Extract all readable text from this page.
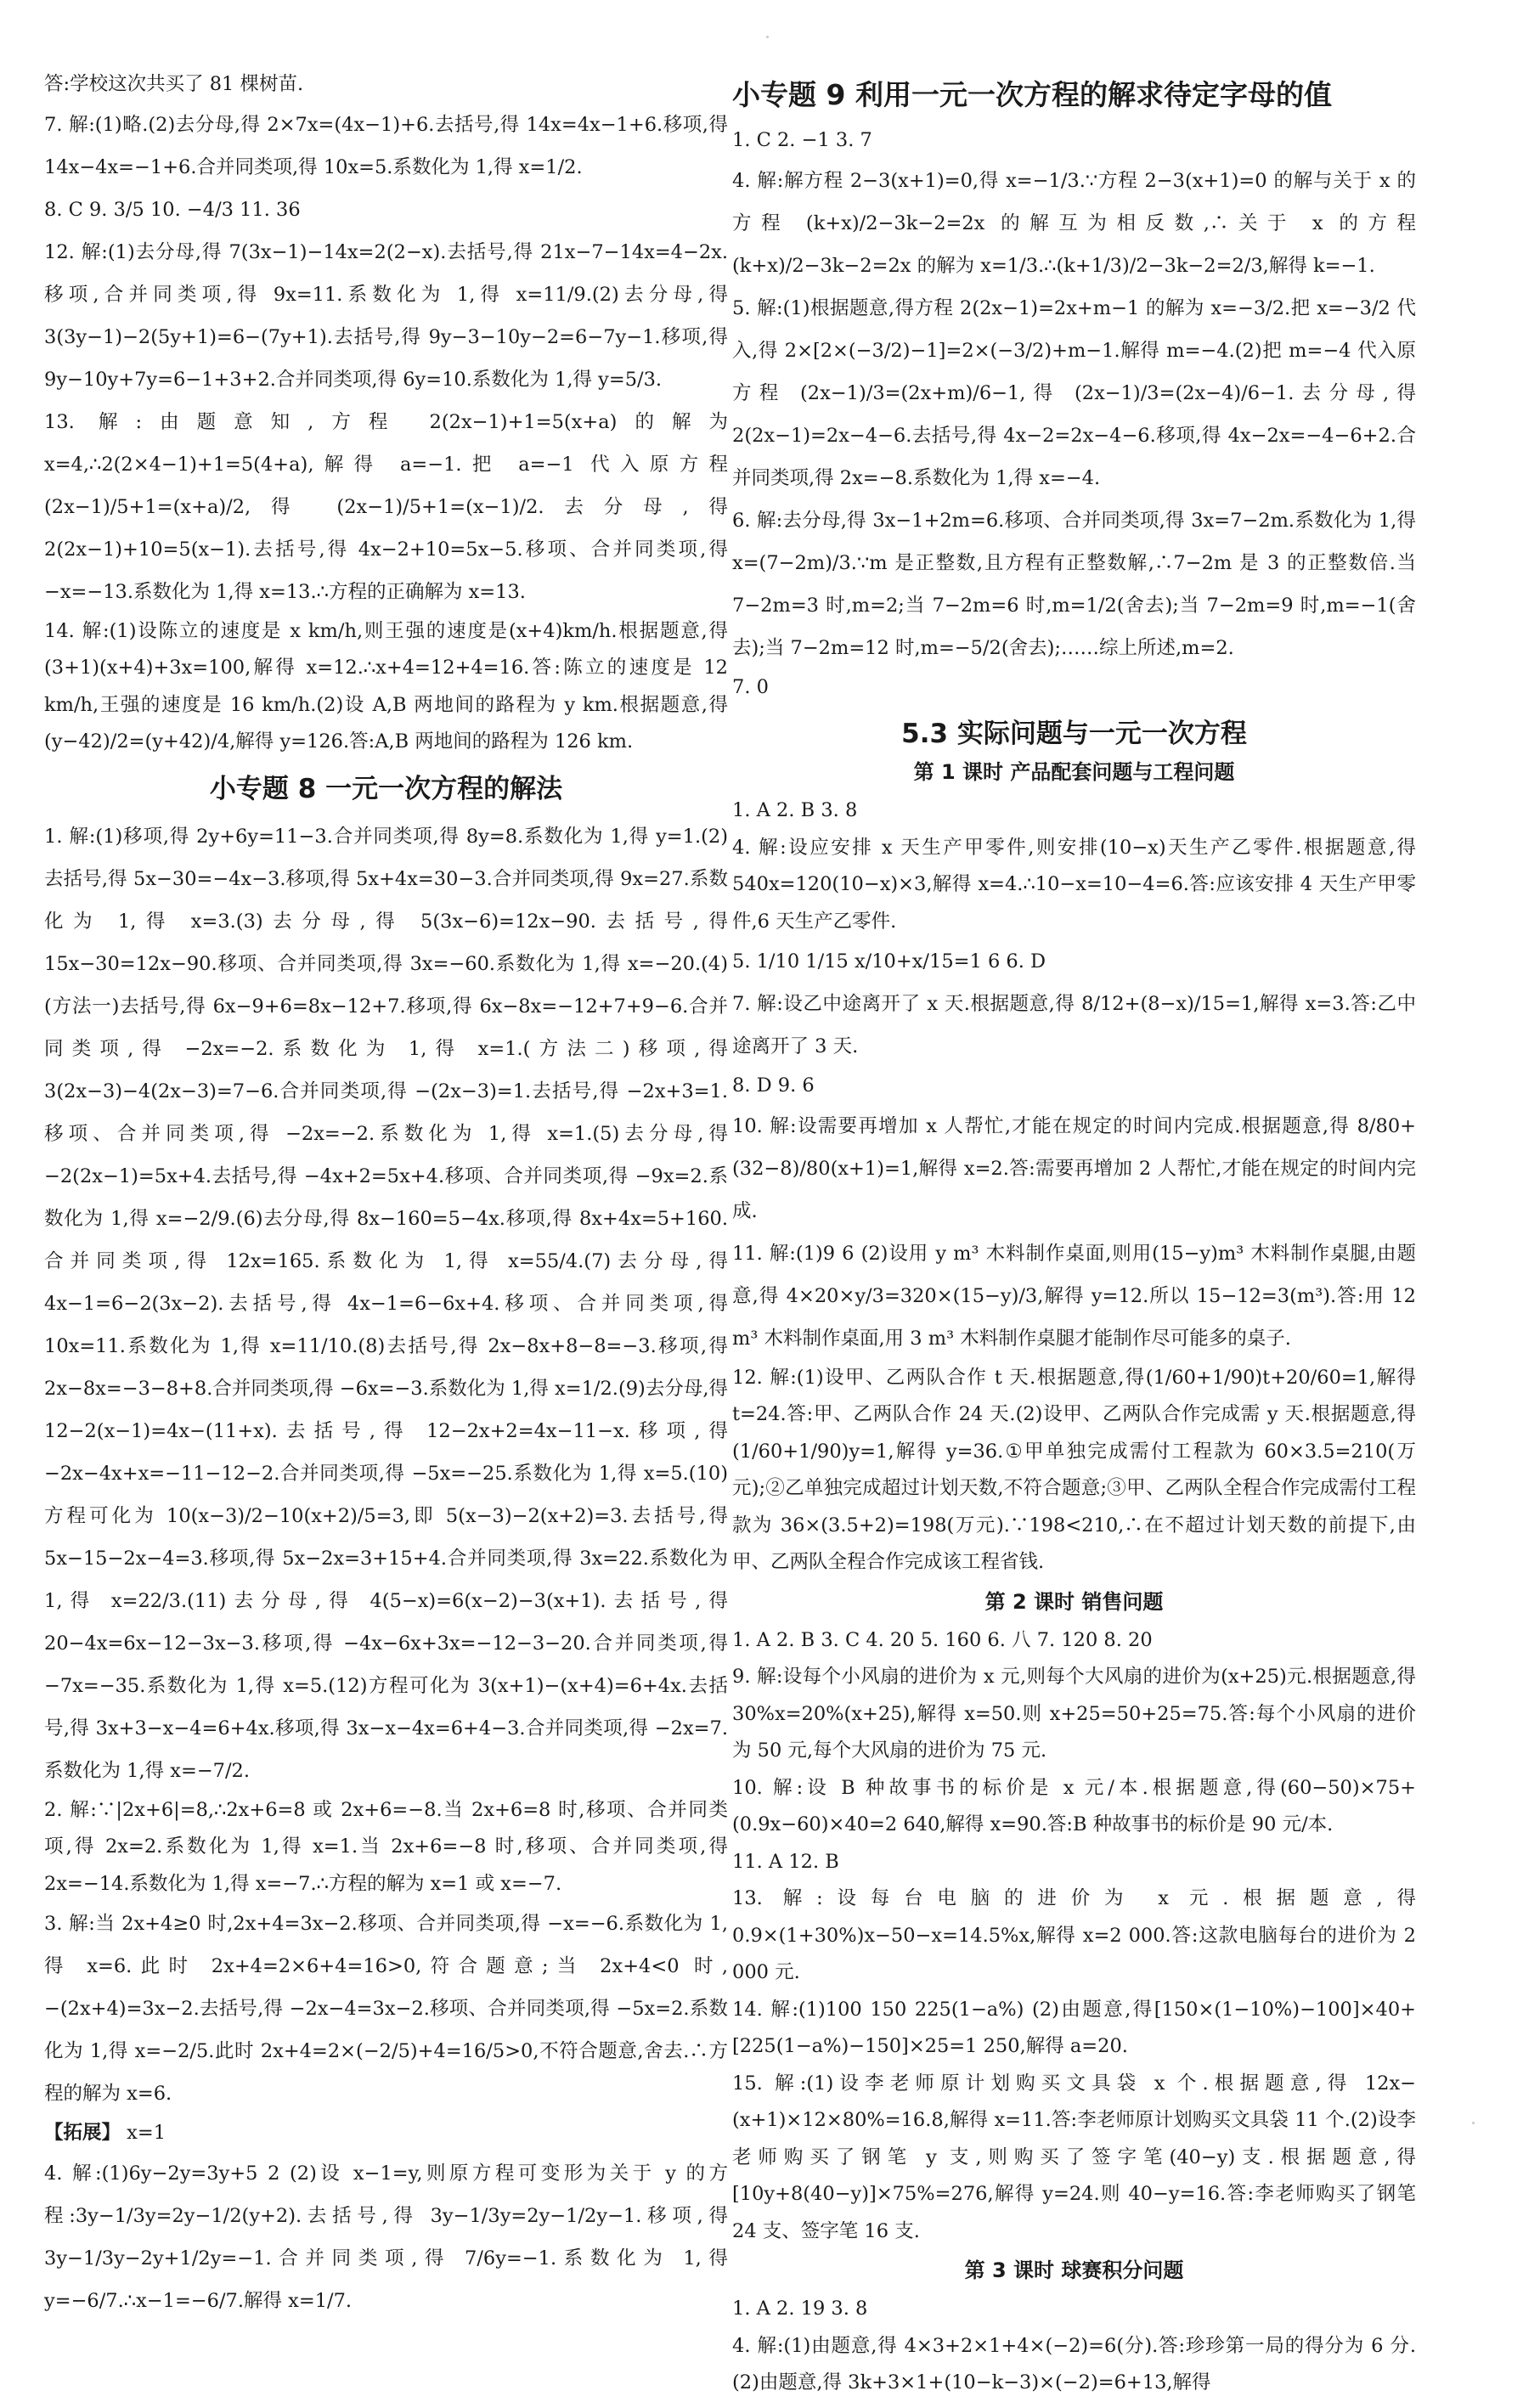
答:学校这次共买了 81 棵树苗.

7. 解:(1)略.(2)去分母,得 2×7x=(4x−1)+6.去括号,得 14x=4x−1+6.移项,得 14x−4x=−1+6.合并同类项,得 10x=5.系数化为 1,得 x=1/2.

8. C 9. 3/5 10. −4/3 11. 36

12. 解:(1)去分母,得 7(3x−1)−14x=2(2−x).去括号,得 21x−7−14x=4−2x.移项,合并同类项,得 9x=11.系数化为 1,得 x=11/9.(2)去分母,得 3(3y−1)−2(5y+1)=6−(7y+1).去括号,得 9y−3−10y−2=6−7y−1.移项,得 9y−10y+7y=6−1+3+2.合并同类项,得 6y=10.系数化为 1,得 y=5/3.

13. 解:由题意知,方程 2(2x−1)+1=5(x+a)的解为 x=4,∴2(2×4−1)+1=5(4+a),解得 a=−1.把 a=−1 代入原方程 (2x−1)/5+1=(x+a)/2,得 (2x−1)/5+1=(x−1)/2.去分母,得 2(2x−1)+10=5(x−1).去括号,得 4x−2+10=5x−5.移项、合并同类项,得 −x=−13.系数化为 1,得 x=13.∴方程的正确解为 x=13.

14. 解:(1)设陈立的速度是 x km/h,则王强的速度是(x+4)km/h.根据题意,得(3+1)(x+4)+3x=100,解得 x=12.∴x+4=12+4=16.答:陈立的速度是 12 km/h,王强的速度是 16 km/h.(2)设 A,B 两地间的路程为 y km.根据题意,得 (y−42)/2=(y+42)/4,解得 y=126.答:A,B 两地间的路程为 126 km.

小专题 8 一元一次方程的解法

1. 解:(1)移项,得 2y+6y=11−3.合并同类项,得 8y=8.系数化为 1,得 y=1.(2)去括号,得 5x−30=−4x−3.移项,得 5x+4x=30−3.合并同类项,得 9x=27.系数化为 1,得 x=3.(3)去分母,得 5(3x−6)=12x−90.去括号,得 15x−30=12x−90.移项、合并同类项,得 3x=−60.系数化为 1,得 x=−20.(4)(方法一)去括号,得 6x−9+6=8x−12+7.移项,得 6x−8x=−12+7+9−6.合并同类项,得 −2x=−2.系数化为 1,得 x=1.(方法二)移项,得 3(2x−3)−4(2x−3)=7−6.合并同类项,得 −(2x−3)=1.去括号,得 −2x+3=1.移项、合并同类项,得 −2x=−2.系数化为 1,得 x=1.(5)去分母,得 −2(2x−1)=5x+4.去括号,得 −4x+2=5x+4.移项、合并同类项,得 −9x=2.系数化为 1,得 x=−2/9.(6)去分母,得 8x−160=5−4x.移项,得 8x+4x=5+160.合并同类项,得 12x=165.系数化为 1,得 x=55/4.(7)去分母,得 4x−1=6−2(3x−2).去括号,得 4x−1=6−6x+4.移项、合并同类项,得 10x=11.系数化为 1,得 x=11/10.(8)去括号,得 2x−8x+8−8=−3.移项,得 2x−8x=−3−8+8.合并同类项,得 −6x=−3.系数化为 1,得 x=1/2.(9)去分母,得 12−2(x−1)=4x−(11+x).去括号,得 12−2x+2=4x−11−x.移项,得 −2x−4x+x=−11−12−2.合并同类项,得 −5x=−25.系数化为 1,得 x=5.(10)方程可化为 10(x−3)/2−10(x+2)/5=3,即 5(x−3)−2(x+2)=3.去括号,得 5x−15−2x−4=3.移项,得 5x−2x=3+15+4.合并同类项,得 3x=22.系数化为 1,得 x=22/3.(11)去分母,得 4(5−x)=6(x−2)−3(x+1).去括号,得 20−4x=6x−12−3x−3.移项,得 −4x−6x+3x=−12−3−20.合并同类项,得 −7x=−35.系数化为 1,得 x=5.(12)方程可化为 3(x+1)−(x+4)=6+4x.去括号,得 3x+3−x−4=6+4x.移项,得 3x−x−4x=6+4−3.合并同类项,得 −2x=7.系数化为 1,得 x=−7/2.

2. 解:∵|2x+6|=8,∴2x+6=8 或 2x+6=−8.当 2x+6=8 时,移项、合并同类项,得 2x=2.系数化为 1,得 x=1.当 2x+6=−8 时,移项、合并同类项,得 2x=−14.系数化为 1,得 x=−7.∴方程的解为 x=1 或 x=−7.

3. 解:当 2x+4≥0 时,2x+4=3x−2.移项、合并同类项,得 −x=−6.系数化为 1,得 x=6.此时 2x+4=2×6+4=16>0,符合题意;当 2x+4<0 时,−(2x+4)=3x−2.去括号,得 −2x−4=3x−2.移项、合并同类项,得 −5x=2.系数化为 1,得 x=−2/5.此时 2x+4=2×(−2/5)+4=16/5>0,不符合题意,舍去.∴方程的解为 x=6.

【拓展】 x=1

4. 解:(1)6y−2y=3y+5 2 (2)设 x−1=y,则原方程可变形为关于 y 的方程:3y−1/3y=2y−1/2(y+2).去括号,得 3y−1/3y=2y−1/2y−1.移项,得 3y−1/3y−2y+1/2y=−1.合并同类项,得 7/6y=−1.系数化为 1,得 y=−6/7.∴x−1=−6/7.解得 x=1/7.

小专题 9 利用一元一次方程的解求待定字母的值

1. C 2. −1 3. 7

4. 解:解方程 2−3(x+1)=0,得 x=−1/3.∵方程 2−3(x+1)=0 的解与关于 x 的方程 (k+x)/2−3k−2=2x 的解互为相反数,∴关于 x 的方程 (k+x)/2−3k−2=2x 的解为 x=1/3.∴(k+1/3)/2−3k−2=2/3,解得 k=−1.

5. 解:(1)根据题意,得方程 2(2x−1)=2x+m−1 的解为 x=−3/2.把 x=−3/2 代入,得 2×[2×(−3/2)−1]=2×(−3/2)+m−1.解得 m=−4.(2)把 m=−4 代入原方程 (2x−1)/3=(2x+m)/6−1,得 (2x−1)/3=(2x−4)/6−1.去分母,得 2(2x−1)=2x−4−6.去括号,得 4x−2=2x−4−6.移项,得 4x−2x=−4−6+2.合并同类项,得 2x=−8.系数化为 1,得 x=−4.

6. 解:去分母,得 3x−1+2m=6.移项、合并同类项,得 3x=7−2m.系数化为 1,得 x=(7−2m)/3.∵m 是正整数,且方程有正整数解,∴7−2m 是 3 的正整数倍.当 7−2m=3 时,m=2;当 7−2m=6 时,m=1/2(舍去);当 7−2m=9 时,m=−1(舍去);当 7−2m=12 时,m=−5/2(舍去);……综上所述,m=2.

7. 0

5.3 实际问题与一元一次方程
第 1 课时 产品配套问题与工程问题

1. A 2. B 3. 8

4. 解:设应安排 x 天生产甲零件,则安排(10−x)天生产乙零件.根据题意,得 540x=120(10−x)×3,解得 x=4.∴10−x=10−4=6.答:应该安排 4 天生产甲零件,6 天生产乙零件.

5. 1/10 1/15 x/10+x/15=1 6 6. D

7. 解:设乙中途离开了 x 天.根据题意,得 8/12+(8−x)/15=1,解得 x=3.答:乙中途离开了 3 天.

8. D 9. 6

10. 解:设需要再增加 x 人帮忙,才能在规定的时间内完成.根据题意,得 8/80+(32−8)/80(x+1)=1,解得 x=2.答:需要再增加 2 人帮忙,才能在规定的时间内完成.

11. 解:(1)9 6 (2)设用 y m³ 木料制作桌面,则用(15−y)m³ 木料制作桌腿,由题意,得 4×20×y/3=320×(15−y)/3,解得 y=12.所以 15−12=3(m³).答:用 12 m³ 木料制作桌面,用 3 m³ 木料制作桌腿才能制作尽可能多的桌子.

12. 解:(1)设甲、乙两队合作 t 天.根据题意,得(1/60+1/90)t+20/60=1,解得 t=24.答:甲、乙两队合作 24 天.(2)设甲、乙两队合作完成需 y 天.根据题意,得(1/60+1/90)y=1,解得 y=36.①甲单独完成需付工程款为 60×3.5=210(万元);②乙单独完成超过计划天数,不符合题意;③甲、乙两队全程合作完成需付工程款为 36×(3.5+2)=198(万元).∵198<210,∴在不超过计划天数的前提下,由甲、乙两队全程合作完成该工程省钱.

第 2 课时 销售问题

1. A 2. B 3. C 4. 20 5. 160 6. 八 7. 120 8. 20

9. 解:设每个小风扇的进价为 x 元,则每个大风扇的进价为(x+25)元.根据题意,得 30%x=20%(x+25),解得 x=50.则 x+25=50+25=75.答:每个小风扇的进价为 50 元,每个大风扇的进价为 75 元.

10. 解:设 B 种故事书的标价是 x 元/本.根据题意,得(60−50)×75+(0.9x−60)×40=2 640,解得 x=90.答:B 种故事书的标价是 90 元/本.

11. A 12. B

13. 解:设每台电脑的进价为 x 元.根据题意,得 0.9×(1+30%)x−50−x=14.5%x,解得 x=2 000.答:这款电脑每台的进价为 2 000 元.

14. 解:(1)100 150 225(1−a%) (2)由题意,得[150×(1−10%)−100]×40+[225(1−a%)−150]×25=1 250,解得 a=20.

15. 解:(1)设李老师原计划购买文具袋 x 个.根据题意,得 12x−(x+1)×12×80%=16.8,解得 x=11.答:李老师原计划购买文具袋 11 个.(2)设李老师购买了钢笔 y 支,则购买了签字笔(40−y)支.根据题意,得[10y+8(40−y)]×75%=276,解得 y=24.则 40−y=16.答:李老师购买了钢笔 24 支、签字笔 16 支.

第 3 课时 球赛积分问题

1. A 2. 19 3. 8

4. 解:(1)由题意,得 4×3+2×1+4×(−2)=6(分).答:珍珍第一局的得分为 6 分.(2)由题意,得 3k+3×1+(10−k−3)×(−2)=6+13,解得
